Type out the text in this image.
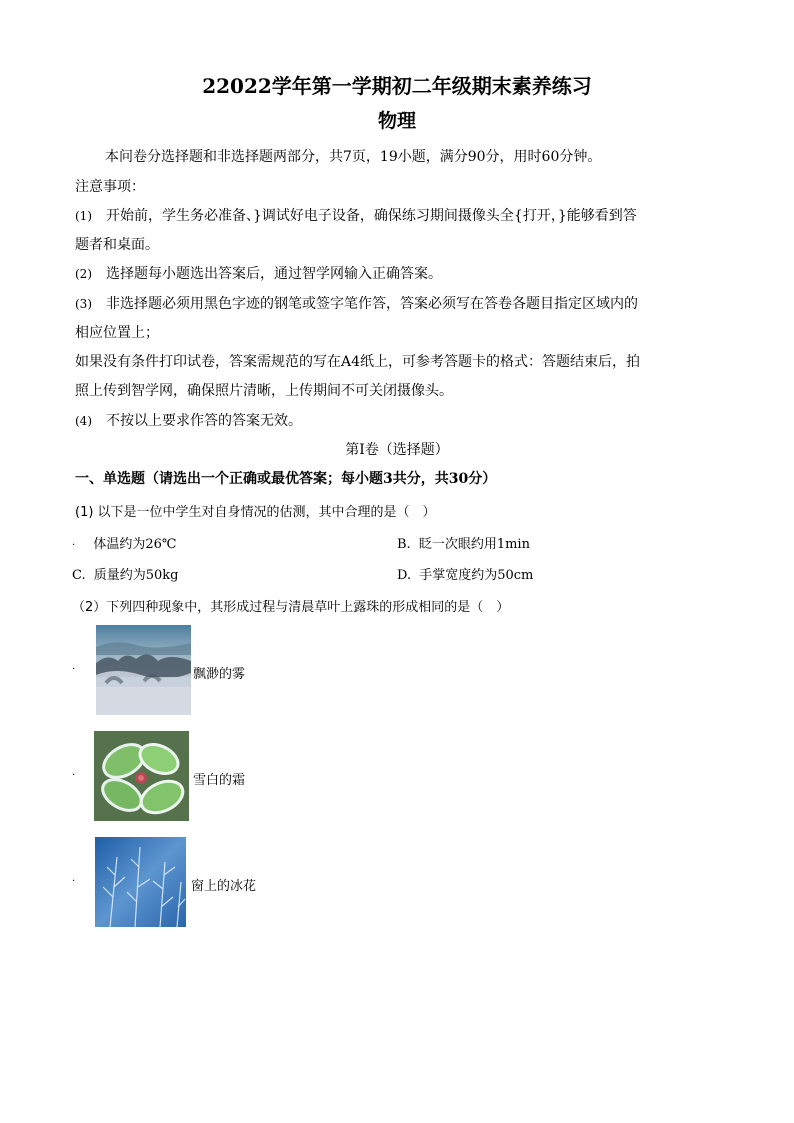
22022学年第一学期初二年级期末素养练习
物理
本问卷分选择题和非选择题两部分，共7页，19小题，满分90分，用时60分钟。
注意事项：
(1) 开始前，学生务必准备、}调试好电子设备，确保练习期间摄像头全{打开，}能够看到答
题者和桌面。
(2) 选择题每小题选出答案后，通过智学网输入正确答案。
(3) 非选择题必须用黑色字迹的钢笔或签字笔作答，答案必须写在答卷各题目指定区域内的
相应位置上；
如果没有条件打印试卷，答案需规范的写在A4纸上，可参考答题卡的格式：答题结束后，拍
照上传到智学网，确保照片清晰，上传期间不可关闭摄像头。
(4) 不按以上要求作答的答案无效。
第Ⅰ卷（选择题）
一、单选题（请选出一个正确或最优答案；每小题3共分，共30分）
(1) 以下是一位中学生对自身情况的估测，其中合理的是（　）
· 体温约为26℃	B. 眨一次眼约用1min
C. 质量约为50kg	D. 手掌宽度约为50cm
（2）下列四种现象中，其形成过程与清晨草叶上露珠的形成相同的是（　）
·	飘渺的雾
·	雪白的霜
·	窗上的冰花
